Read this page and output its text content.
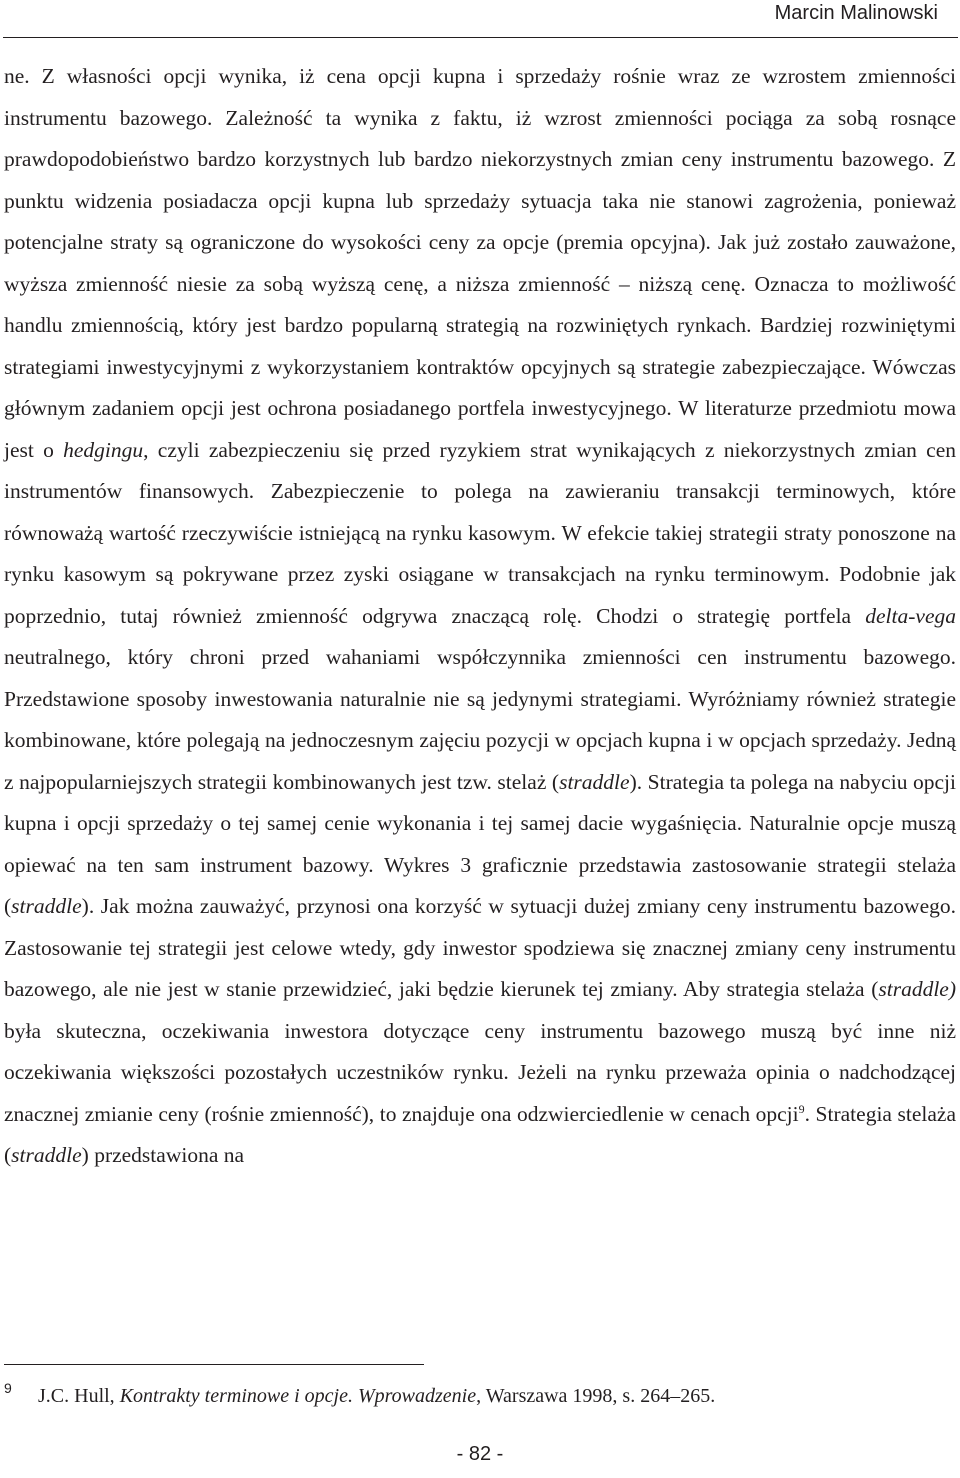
Marcin Malinowski

ne. Z własności opcji wynika, iż cena opcji kupna i sprzedaży rośnie wraz ze wzrostem zmienności instrumentu bazowego. Zależność ta wynika z faktu, iż wzrost zmienności pociąga za sobą rosnące prawdopodobieństwo bardzo korzystnych lub bardzo niekorzystnych zmian ceny instrumentu bazowego. Z punktu widzenia posiadacza opcji kupna lub sprzedaży sytuacja taka nie stanowi zagrożenia, ponieważ potencjalne straty są ograniczone do wysokości ceny za opcje (premia opcyjna). Jak już zostało zauważone, wyższa zmienność niesie za sobą wyższą cenę, a niższa zmienność – niższą cenę. Oznacza to możliwość handlu zmiennością, który jest bardzo popularną strategią na rozwiniętych rynkach. Bardziej rozwiniętymi strategiami inwestycyjnymi z wykorzystaniem kontraktów opcyjnych są strategie zabezpieczające. Wówczas głównym zadaniem opcji jest ochrona posiadanego portfela inwestycyjnego. W literaturze przedmiotu mowa jest o hedgingu, czyli zabezpieczeniu się przed ryzykiem strat wynikających z niekorzystnych zmian cen instrumentów finansowych. Zabezpieczenie to polega na zawieraniu transakcji terminowych, które równoważą wartość rzeczywiście istniejącą na rynku kasowym. W efekcie takiej strategii straty ponoszone na rynku kasowym są pokrywane przez zyski osiągane w transakcjach na rynku terminowym. Podobnie jak poprzednio, tutaj również zmienność odgrywa znaczącą rolę. Chodzi o strategię portfela delta-vega neutralnego, który chroni przed wahaniami współczynnika zmienności cen instrumentu bazowego. Przedstawione sposoby inwestowania naturalnie nie są jedynymi strategiami. Wyróżniamy również strategie kombinowane, które polegają na jednoczesnym zajęciu pozycji w opcjach kupna i w opcjach sprzedaży. Jedną z najpopularniejszych strategii kombinowanych jest tzw. stelaż (straddle). Strategia ta polega na nabyciu opcji kupna i opcji sprzedaży o tej samej cenie wykonania i tej samej dacie wygaśnięcia. Naturalnie opcje muszą opiewać na ten sam instrument bazowy. Wykres 3 graficznie przedstawia zastosowanie strategii stelaża (straddle). Jak można zauważyć, przynosi ona korzyść w sytuacji dużej zmiany ceny instrumentu bazowego. Zastosowanie tej strategii jest celowe wtedy, gdy inwestor spodziewa się znacznej zmiany ceny instrumentu bazowego, ale nie jest w stanie przewidzieć, jaki będzie kierunek tej zmiany. Aby strategia stelaża (straddle) była skuteczna, oczekiwania inwestora dotyczące ceny instrumentu bazowego muszą być inne niż oczekiwania większości pozostałych uczestników rynku. Jeżeli na rynku przeważa opinia o nadchodzącej znacznej zmianie ceny (rośnie zmienność), to znajduje ona odzwierciedlenie w cenach opcji$^9$. Strategia stelaża (straddle) przedstawiona na

9 J.C. Hull, Kontrakty terminowe i opcje. Wprowadzenie, Warszawa 1998, s. 264–265.
- 82 -
